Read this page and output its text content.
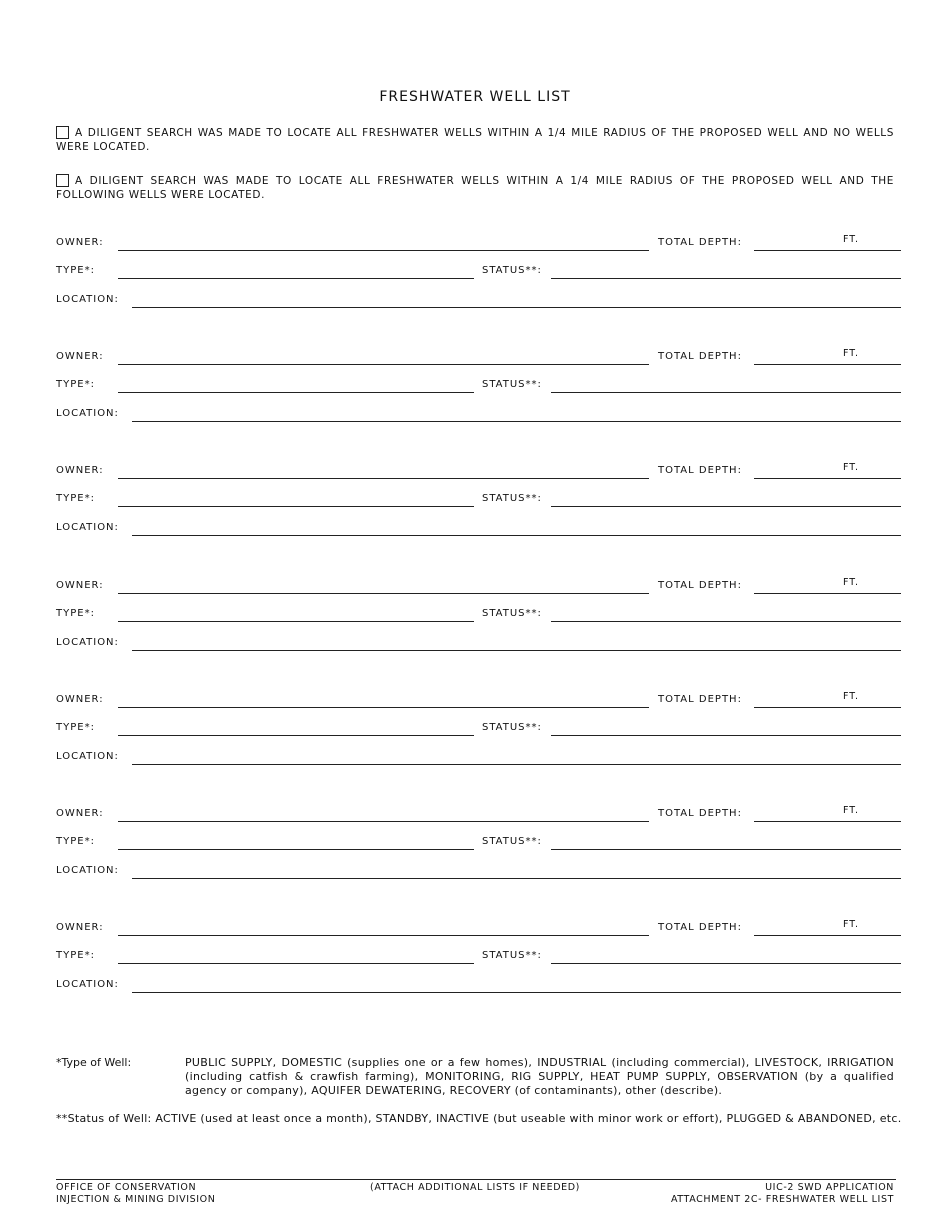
FRESHWATER WELL LIST
A DILIGENT SEARCH WAS MADE TO LOCATE ALL FRESHWATER WELLS WITHIN A 1/4 MILE RADIUS OF THE PROPOSED WELL AND NO WELLS WERE LOCATED.
A DILIGENT SEARCH WAS MADE TO LOCATE ALL FRESHWATER WELLS WITHIN A 1/4 MILE RADIUS OF THE PROPOSED WELL AND THE FOLLOWING WELLS WERE LOCATED.
OWNER:	TOTAL DEPTH:	FT.
TYPE*:	STATUS**:
LOCATION:
OWNER:	TOTAL DEPTH:	FT.
TYPE*:	STATUS**:
LOCATION:
OWNER:	TOTAL DEPTH:	FT.
TYPE*:	STATUS**:
LOCATION:
OWNER:	TOTAL DEPTH:	FT.
TYPE*:	STATUS**:
LOCATION:
OWNER:	TOTAL DEPTH:	FT.
TYPE*:	STATUS**:
LOCATION:
OWNER:	TOTAL DEPTH:	FT.
TYPE*:	STATUS**:
LOCATION:
OWNER:	TOTAL DEPTH:	FT.
TYPE*:	STATUS**:
LOCATION:
*Type of Well:	PUBLIC SUPPLY, DOMESTIC (supplies one or a few homes), INDUSTRIAL (including commercial), LIVESTOCK, IRRIGATION (including catfish & crawfish farming), MONITORING, RIG SUPPLY, HEAT PUMP SUPPLY, OBSERVATION (by a qualified agency or company), AQUIFER DEWATERING, RECOVERY (of contaminants), other (describe).
**Status of Well: ACTIVE (used at least once a month), STANDBY, INACTIVE (but useable with minor work or effort), PLUGGED & ABANDONED, etc.
OFFICE OF CONSERVATION
INJECTION & MINING DIVISION
(ATTACH ADDITIONAL LISTS IF NEEDED)	UIC-2 SWD APPLICATION
ATTACHMENT 2C- FRESHWATER WELL LIST
